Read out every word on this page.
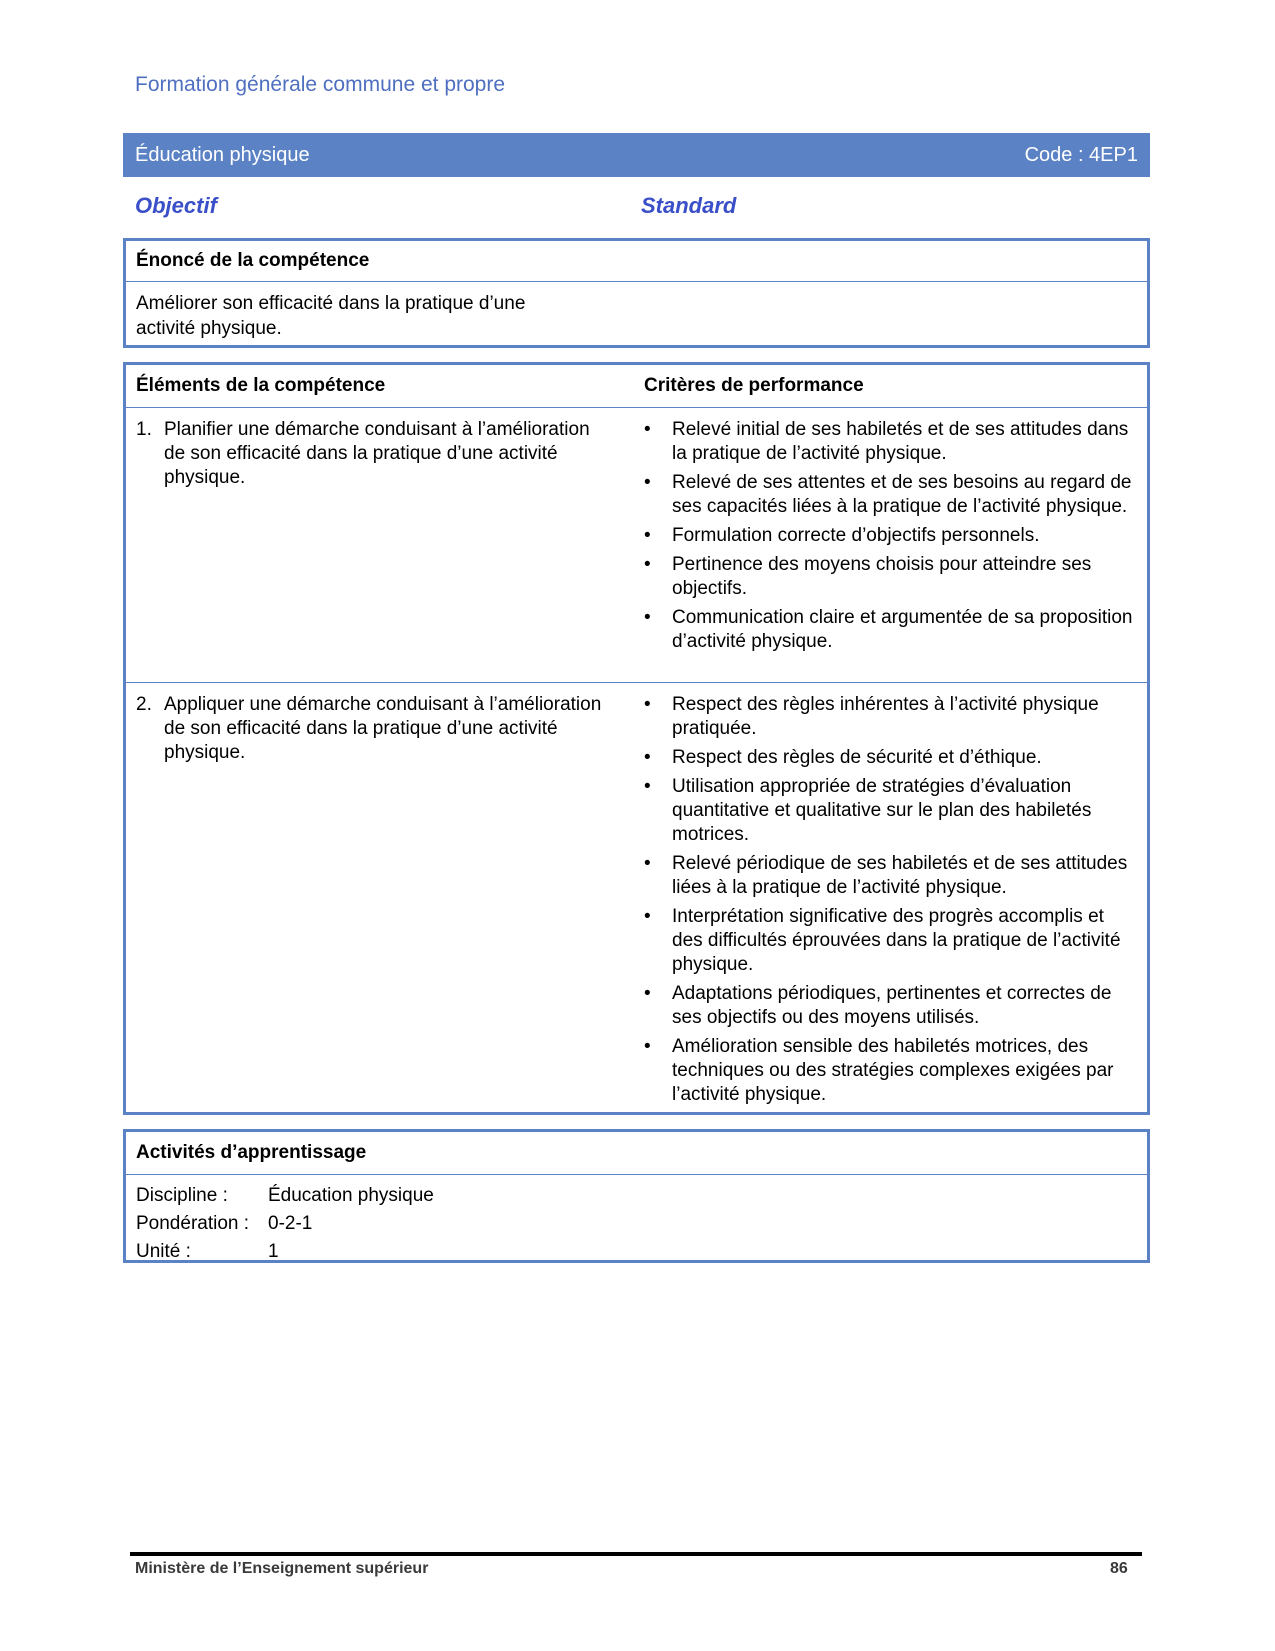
Formation générale commune et propre
Éducation physique	Code : 4EP1
Objectif	Standard
Énoncé de la compétence
Améliorer son efficacité dans la pratique d’une activité physique.
Éléments de la compétence	Critères de performance
1. Planifier une démarche conduisant à l’amélioration de son efficacité dans la pratique d’une activité physique.
• Relevé initial de ses habiletés et de ses attitudes dans la pratique de l’activité physique.
• Relevé de ses attentes et de ses besoins au regard de ses capacités liées à la pratique de l’activité physique.
• Formulation correcte d’objectifs personnels.
• Pertinence des moyens choisis pour atteindre ses objectifs.
• Communication claire et argumentée de sa proposition d’activité physique.
2. Appliquer une démarche conduisant à l’amélioration de son efficacité dans la pratique d’une activité physique.
• Respect des règles inhérentes à l’activité physique pratiquée.
• Respect des règles de sécurité et d’éthique.
• Utilisation appropriée de stratégies d’évaluation quantitative et qualitative sur le plan des habiletés motrices.
• Relevé périodique de ses habiletés et de ses attitudes liées à la pratique de l’activité physique.
• Interprétation significative des progrès accomplis et des difficultés éprouvées dans la pratique de l’activité physique.
• Adaptations périodiques, pertinentes et correctes de ses objectifs ou des moyens utilisés.
• Amélioration sensible des habiletés motrices, des techniques ou des stratégies complexes exigées par l’activité physique.
Activités d’apprentissage
Discipline : Éducation physique
Pondération : 0-2-1
Unité :	1
Ministère de l’Enseignement supérieur	86
